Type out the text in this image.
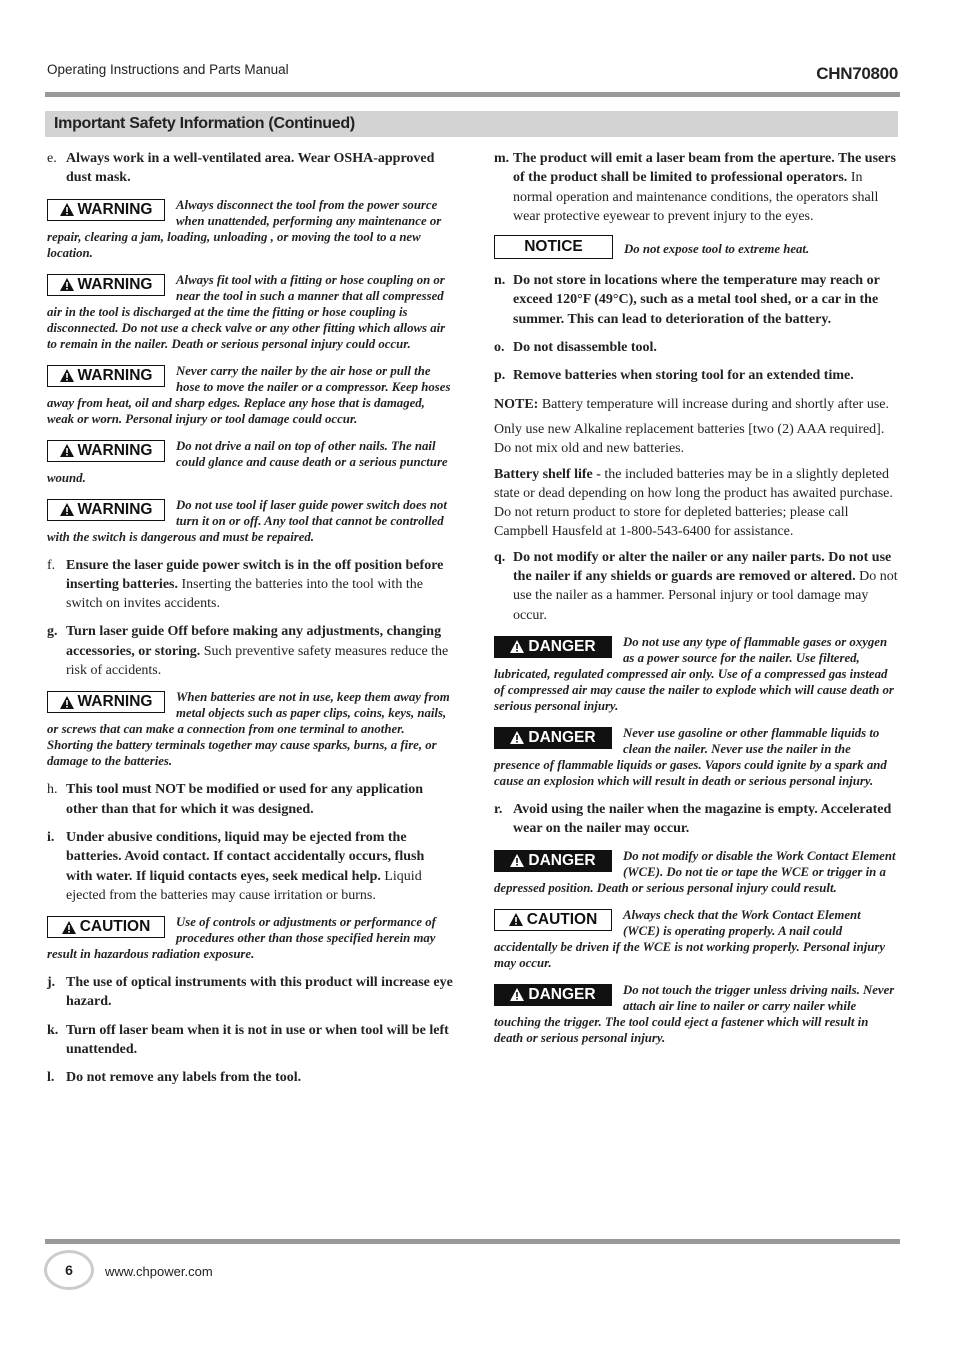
Operating Instructions and Parts Manual	CHN70800
Important Safety Information (Continued)
e. Always work in a well-ventilated area. Wear OSHA-approved dust mask.
WARNING Always disconnect the tool from the power source when unattended, performing any maintenance or repair, clearing a jam, loading, unloading , or moving the tool to a new location.
WARNING Always fit tool with a fitting or hose coupling on or near the tool in such a manner that all compressed air in the tool is discharged at the time the fitting or hose coupling is disconnected. Do not use a check valve or any other fitting which allows air to remain in the nailer. Death or serious personal injury could occur.
WARNING Never carry the nailer by the air hose or pull the hose to move the nailer or a compressor. Keep hoses away from heat, oil and sharp edges. Replace any hose that is damaged, weak or worn. Personal injury or tool damage could occur.
WARNING Do not drive a nail on top of other nails. The nail could glance and cause death or a serious puncture wound.
WARNING Do not use tool if laser guide power switch does not turn it on or off. Any tool that cannot be controlled with the switch is dangerous and must be repaired.
f. Ensure the laser guide power switch is in the off position before inserting batteries. Inserting the batteries into the tool with the switch on invites accidents.
g. Turn laser guide Off before making any adjustments, changing accessories, or storing. Such preventive safety measures reduce the risk of accidents.
WARNING When batteries are not in use, keep them away from metal objects such as paper clips, coins, keys, nails, or screws that can make a connection from one terminal to another. Shorting the battery terminals together may cause sparks, burns, a fire, or damage to the batteries.
h. This tool must NOT be modified or used for any application other than that for which it was designed.
i. Under abusive conditions, liquid may be ejected from the batteries. Avoid contact. If contact accidentally occurs, flush with water. If liquid contacts eyes, seek medical help. Liquid ejected from the batteries may cause irritation or burns.
CAUTION Use of controls or adjustments or performance of procedures other than those specified herein may result in hazardous radiation exposure.
j. The use of optical instruments with this product will increase eye hazard.
k. Turn off laser beam when it is not in use or when tool will be left unattended.
l. Do not remove any labels from the tool.
m. The product will emit a laser beam from the aperture. The users of the product shall be limited to professional operators. In normal operation and maintenance conditions, the operators shall wear protective eyewear to prevent injury to the eyes.
NOTICE	Do not expose tool to extreme heat.
n. Do not store in locations where the temperature may reach or exceed 120°F (49°C), such as a metal tool shed, or a car in the summer. This can lead to deterioration of the battery.
o. Do not disassemble tool.
p. Remove batteries when storing tool for an extended time.

NOTE: Battery temperature will increase during and shortly after use.

Only use new Alkaline replacement batteries [two (2) AAA required]. Do not mix old and new batteries.

Battery shelf life - the included batteries may be in a slightly depleted state or dead depending on how long the product has awaited purchase. Do not return product to store for depleted batteries; please call Campbell Hausfeld at 1-800-543-6400 for assistance.

q. Do not modify or alter the nailer or any nailer parts. Do not use the nailer if any shields or guards are removed or altered. Do not use the nailer as a hammer. Personal injury or tool damage may occur.
DANGER Do not use any type of flammable gases or oxygen as a power source for the nailer. Use filtered, lubricated, regulated compressed air only. Use of a compressed gas instead of compressed air may cause the nailer to explode which will cause death or serious personal injury.
DANGER Never use gasoline or other flammable liquids to clean the nailer. Never use the nailer in the presence of flammable liquids or gases. Vapors could ignite by a spark and cause an explosion which will result in death or serious personal injury.
r. Avoid using the nailer when the magazine is empty. Accelerated wear on the nailer may occur.
DANGER Do not modify or disable the Work Contact Element (WCE). Do not tie or tape the WCE or trigger in a depressed position. Death or serious personal injury could result.
CAUTION Always check that the Work Contact Element (WCE) is operating properly. A nail could accidentally be driven if the WCE is not working properly. Personal injury may occur.
DANGER Do not touch the trigger unless driving nails. Never attach air line to nailer or carry nailer while touching the trigger. The tool could eject a fastener which will result in death or serious personal injury.
6	www.chpower.com
